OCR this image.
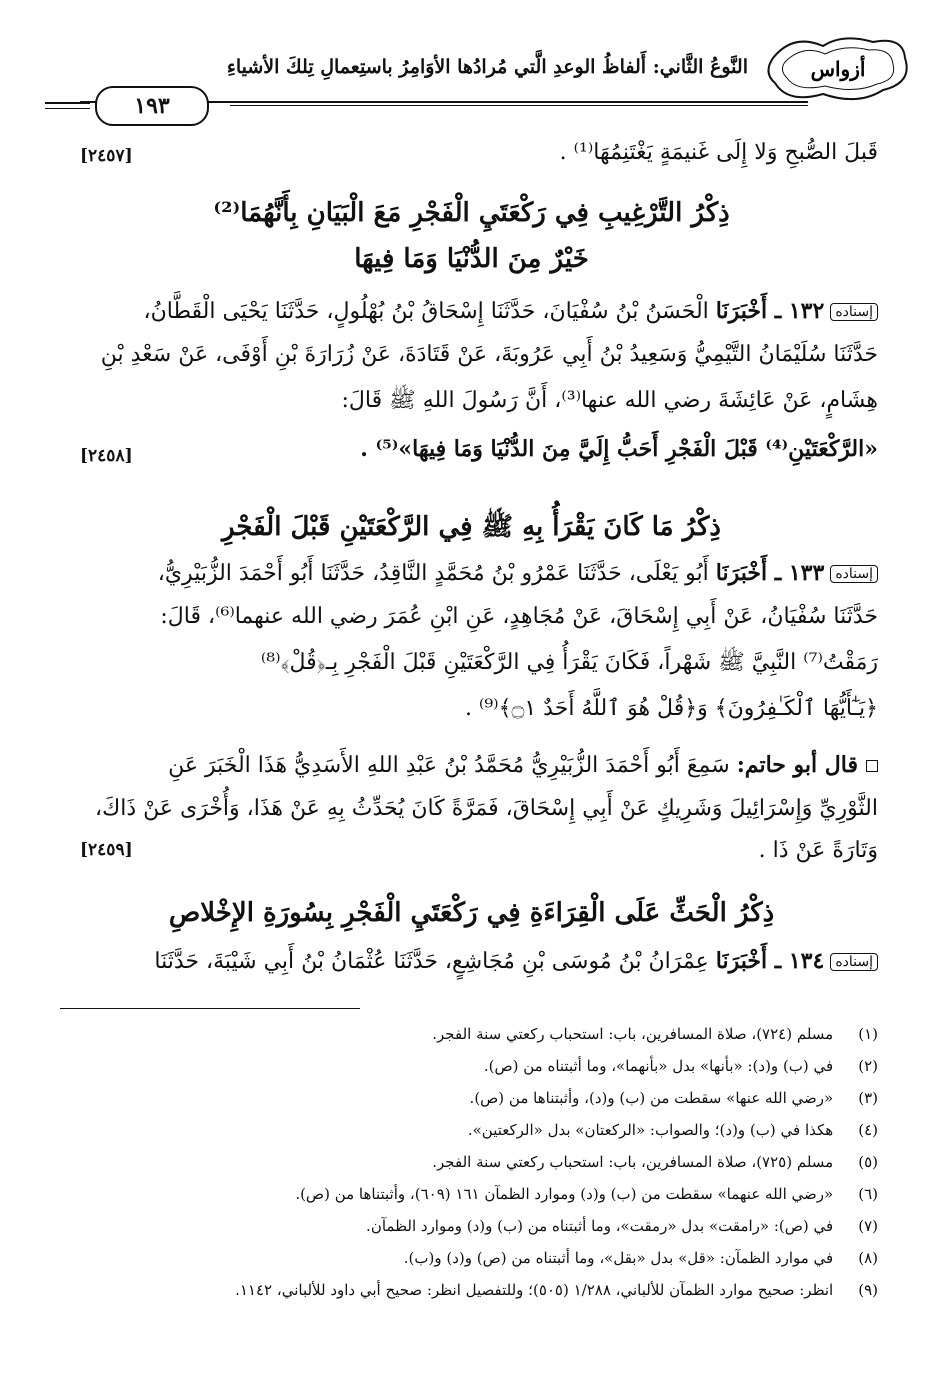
أزواس
النَّوعُ الثَّاني: أَلفاظُ الوعدِ الَّتي مُرادُها الأوَامِرُ باستِعمالِ تِلكَ الأشياءِ
١٩٣
قَبلَ الصُّبحِ وَلا إِلَى غَنيمَةٍ يَغْتَنِمُهَا⁽¹⁾ .
[٢٤٥٧]
ذِكْرُ التَّرْغِيبِ فِي رَكْعَتَيِ الْفَجْرِ مَعَ الْبَيَانِ بِأَنَّهُمَا⁽²⁾
خَيْرٌ مِنَ الدُّنْيَا وَمَا فِيهَا
إسناده١٣٢ ـ أَخْبَرَنَا الْحَسَنُ بْنُ سُفْيَانَ، حَدَّثَنَا إِسْحَاقُ بْنُ بُهْلُولٍ، حَدَّثَنَا يَحْيَى الْقَطَّانُ،
حَدَّثَنَا سُلَيْمَانُ التَّيْمِيُّ وَسَعِيدُ بْنُ أَبِي عَرُوبَةَ، عَنْ قَتَادَةَ، عَنْ زُرَارَةَ بْنِ أَوْفَى، عَنْ سَعْدِ بْنِ
هِشَامٍ، عَنْ عَائِشَةَ رضي الله عنها⁽³⁾، أَنَّ رَسُولَ اللهِ ﷺ قَالَ:
«الرَّكْعَتَيْنِ⁽⁴⁾ قَبْلَ الْفَجْرِ أَحَبُّ إِلَيَّ مِنَ الدُّنْيَا وَمَا فِيهَا»⁽⁵⁾ .
[٢٤٥٨]
ذِكْرُ مَا كَانَ يَقْرَأُ بِهِ ﷺ فِي الرَّكْعَتَيْنِ قَبْلَ الْفَجْرِ
إسناده١٣٣ ـ أَخْبَرَنَا أَبُو يَعْلَى، حَدَّثَنَا عَمْرُو بْنُ مُحَمَّدٍ النَّاقِدُ، حَدَّثَنَا أَبُو أَحْمَدَ الزُّبَيْرِيُّ،
حَدَّثَنَا سُفْيَانُ، عَنْ أَبِي إِسْحَاقَ، عَنْ مُجَاهِدٍ، عَنِ ابْنِ عُمَرَ رضي الله عنهما⁽⁶⁾، قَالَ:
رَمَقْتُ⁽⁷⁾ النَّبِيَّ ﷺ شَهْراً، فَكَانَ يَقْرَأُ فِي الرَّكْعَتَيْنِ قَبْلَ الْفَجْرِ بِـ﴿قُلْ﴾⁽⁸⁾
﴿يَـٰٓأَيُّهَا ٱلْكَـٰفِرُونَ﴾ وَ﴿قُلْ هُوَ ٱللَّهُ أَحَدٌ ۝١﴾⁽⁹⁾ .
قال أبو حاتم: سَمِعَ أَبُو أَحْمَدَ الزُّبَيْرِيُّ مُحَمَّدُ بْنُ عَبْدِ اللهِ الأَسَدِيُّ هَذَا الْخَبَرَ عَنِ
الثَّوْرِيِّ وَإِسْرَائِيلَ وَشَرِيكٍ عَنْ أَبِي إِسْحَاقَ، فَمَرَّةً كَانَ يُحَدِّثُ بِهِ عَنْ هَذَا، وَأُخْرَى عَنْ ذَاكَ،
وَتَارَةً عَنْ ذَا .
[٢٤٥٩]
ذِكْرُ الْحَثِّ عَلَى الْقِرَاءَةِ فِي رَكْعَتَيِ الْفَجْرِ بِسُورَةِ الإِخْلاصِ
إسناده١٣٤ ـ أَخْبَرَنَا عِمْرَانُ بْنُ مُوسَى بْنِ مُجَاشِعٍ، حَدَّثَنَا عُثْمَانُ بْنُ أَبِي شَيْبَةَ، حَدَّثَنَا
(١) مسلم (٧٢٤)، صلاة المسافرين، باب: استحباب ركعتي سنة الفجر.
(٢) في (ب) و(د): «بأنها» بدل «بأنهما»، وما أثبتناه من (ص).
(٣) «رضي الله عنها» سقطت من (ب) و(د)، وأثبتناها من (ص).
(٤) هكذا في (ب) و(د)؛ والصواب: «الركعتان» بدل «الركعتين».
(٥) مسلم (٧٢٥)، صلاة المسافرين، باب: استحباب ركعتي سنة الفجر.
(٦) «رضي الله عنهما» سقطت من (ب) و(د) وموارد الظمآن ١٦١ (٦٠٩)، وأثبتناها من (ص).
(٧) في (ص): «رامقت» بدل «رمقت»، وما أثبتناه من (ب) و(د) وموارد الظمآن.
(٨) في موارد الظمآن: «قل» بدل «بقل»، وما أثبتناه من (ص) و(د) و(ب).
(٩) انظر: صحيح موارد الظمآن للألباني، ١/٢٨٨ (٥٠٥)؛ وللتفصيل انظر: صحيح أبي داود للألباني، ١١٤٢.
